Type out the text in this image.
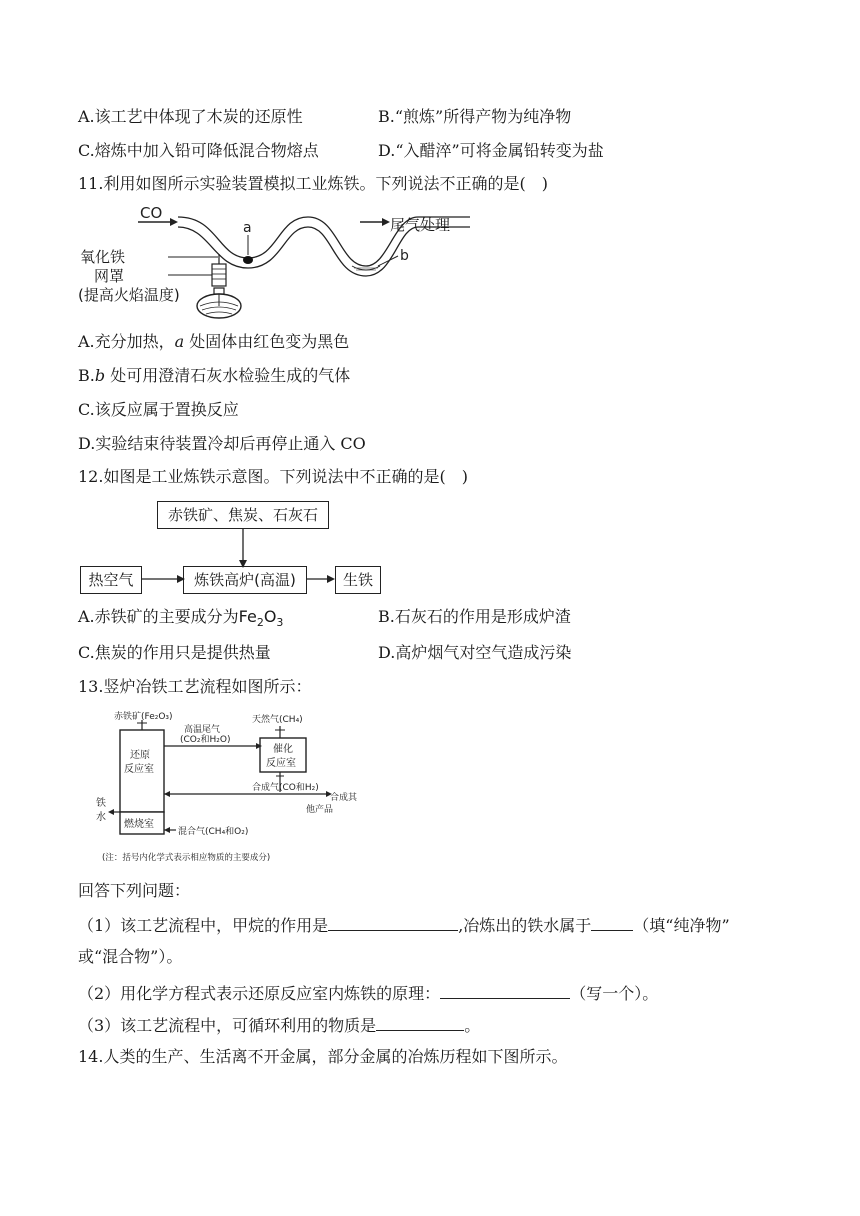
A.该工艺中体现了木炭的还原性	B.“煎炼”所得产物为纯净物
C.熔炼中加入铅可降低混合物熔点	D.“入醋淬”可将金属铅转变为盐
11.利用如图所示实验装置模拟工业炼铁。下列说法不正确的是(　)
CO
a
b
尾气处理
氧化铁
网罩
(提高火焰温度)
A.充分加热，a 处固体由红色变为黑色
B.b 处可用澄清石灰水检验生成的气体
C.该反应属于置换反应
D.实验结束待装置冷却后再停止通入 CO
12.如图是工业炼铁示意图。下列说法中不正确的是(　)
赤铁矿、焦炭、石灰石
热空气	炼铁高炉(高温)	生铁
A.赤铁矿的主要成分为$Fe_2O_3$	B.石灰石的作用是形成炉渣
C.焦炭的作用只是提供热量	D.高炉烟气对空气造成污染
13.竖炉冶铁工艺流程如图所示：
赤铁矿(Fe₂O₃)
高温尾气
(CO₂和H₂O)
天然气(CH₄)
还原
反应室
催化
反应室
合成气(CO和H₂)
合成其
他产品
铁
水
燃烧室
混合气(CH₄和O₂)
(注：括号内化学式表示相应物质的主要成分)
回答下列问题：
（1）该工艺流程中，甲烷的作用是	,冶炼出的铁水属于	（填“纯净物”
或“混合物”）。
（2）用化学方程式表示还原反应室内炼铁的原理：	（写一个）。
（3）该工艺流程中，可循环利用的物质是	。
14.人类的生产、生活离不开金属，部分金属的冶炼历程如下图所示。
